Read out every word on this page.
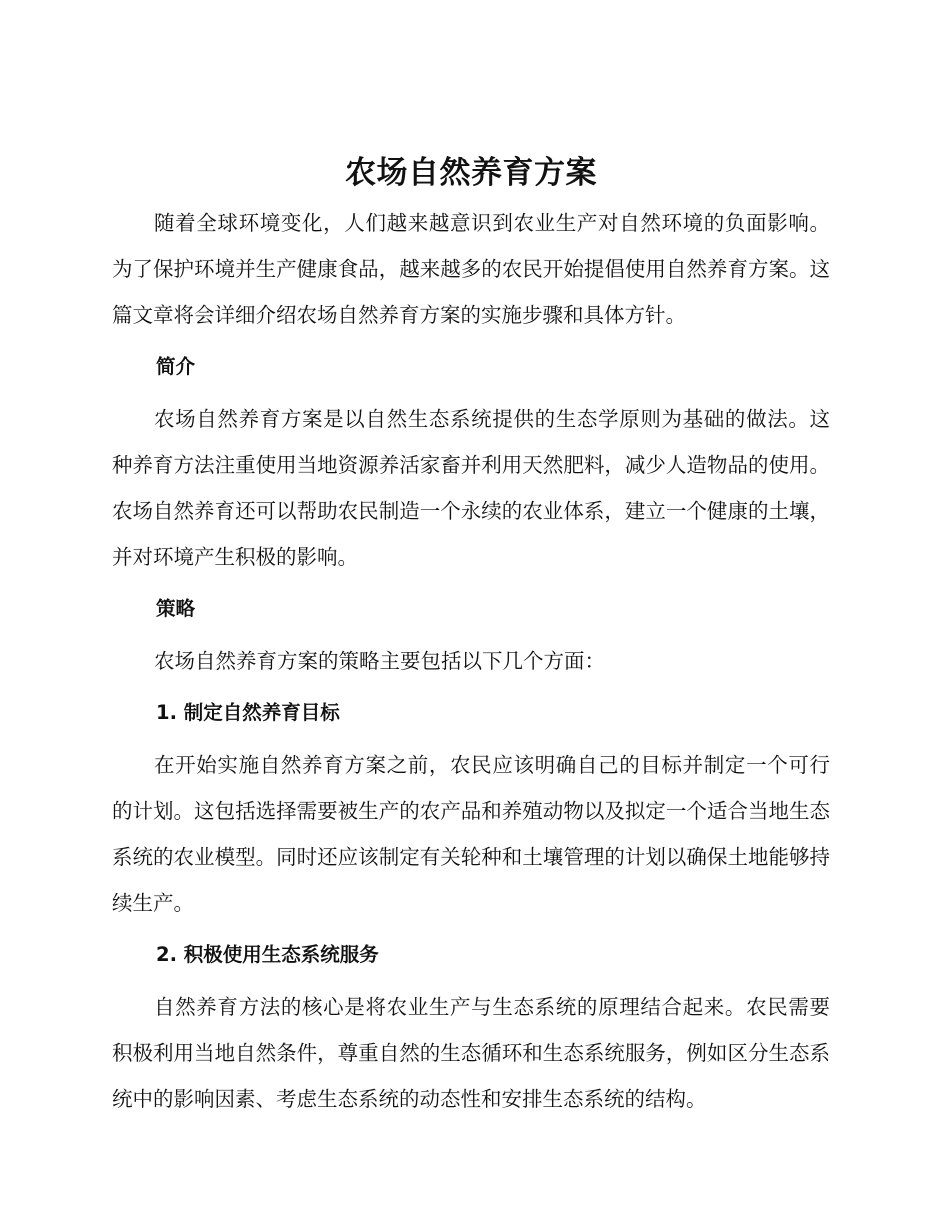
农场自然养育方案

随着全球环境变化，人们越来越意识到农业生产对自然环境的负面影响。为了保护环境并生产健康食品，越来越多的农民开始提倡使用自然养育方案。这篇文章将会详细介绍农场自然养育方案的实施步骤和具体方针。

简介

农场自然养育方案是以自然生态系统提供的生态学原则为基础的做法。这种养育方法注重使用当地资源养活家畜并利用天然肥料，减少人造物品的使用。农场自然养育还可以帮助农民制造一个永续的农业体系，建立一个健康的土壤，并对环境产生积极的影响。

策略

农场自然养育方案的策略主要包括以下几个方面：

1. 制定自然养育目标

在开始实施自然养育方案之前，农民应该明确自己的目标并制定一个可行的计划。这包括选择需要被生产的农产品和养殖动物以及拟定一个适合当地生态系统的农业模型。同时还应该制定有关轮种和土壤管理的计划以确保土地能够持续生产。

2. 积极使用生态系统服务

自然养育方法的核心是将农业生产与生态系统的原理结合起来。农民需要积极利用当地自然条件，尊重自然的生态循环和生态系统服务，例如区分生态系统中的影响因素、考虑生态系统的动态性和安排生态系统的结构。
